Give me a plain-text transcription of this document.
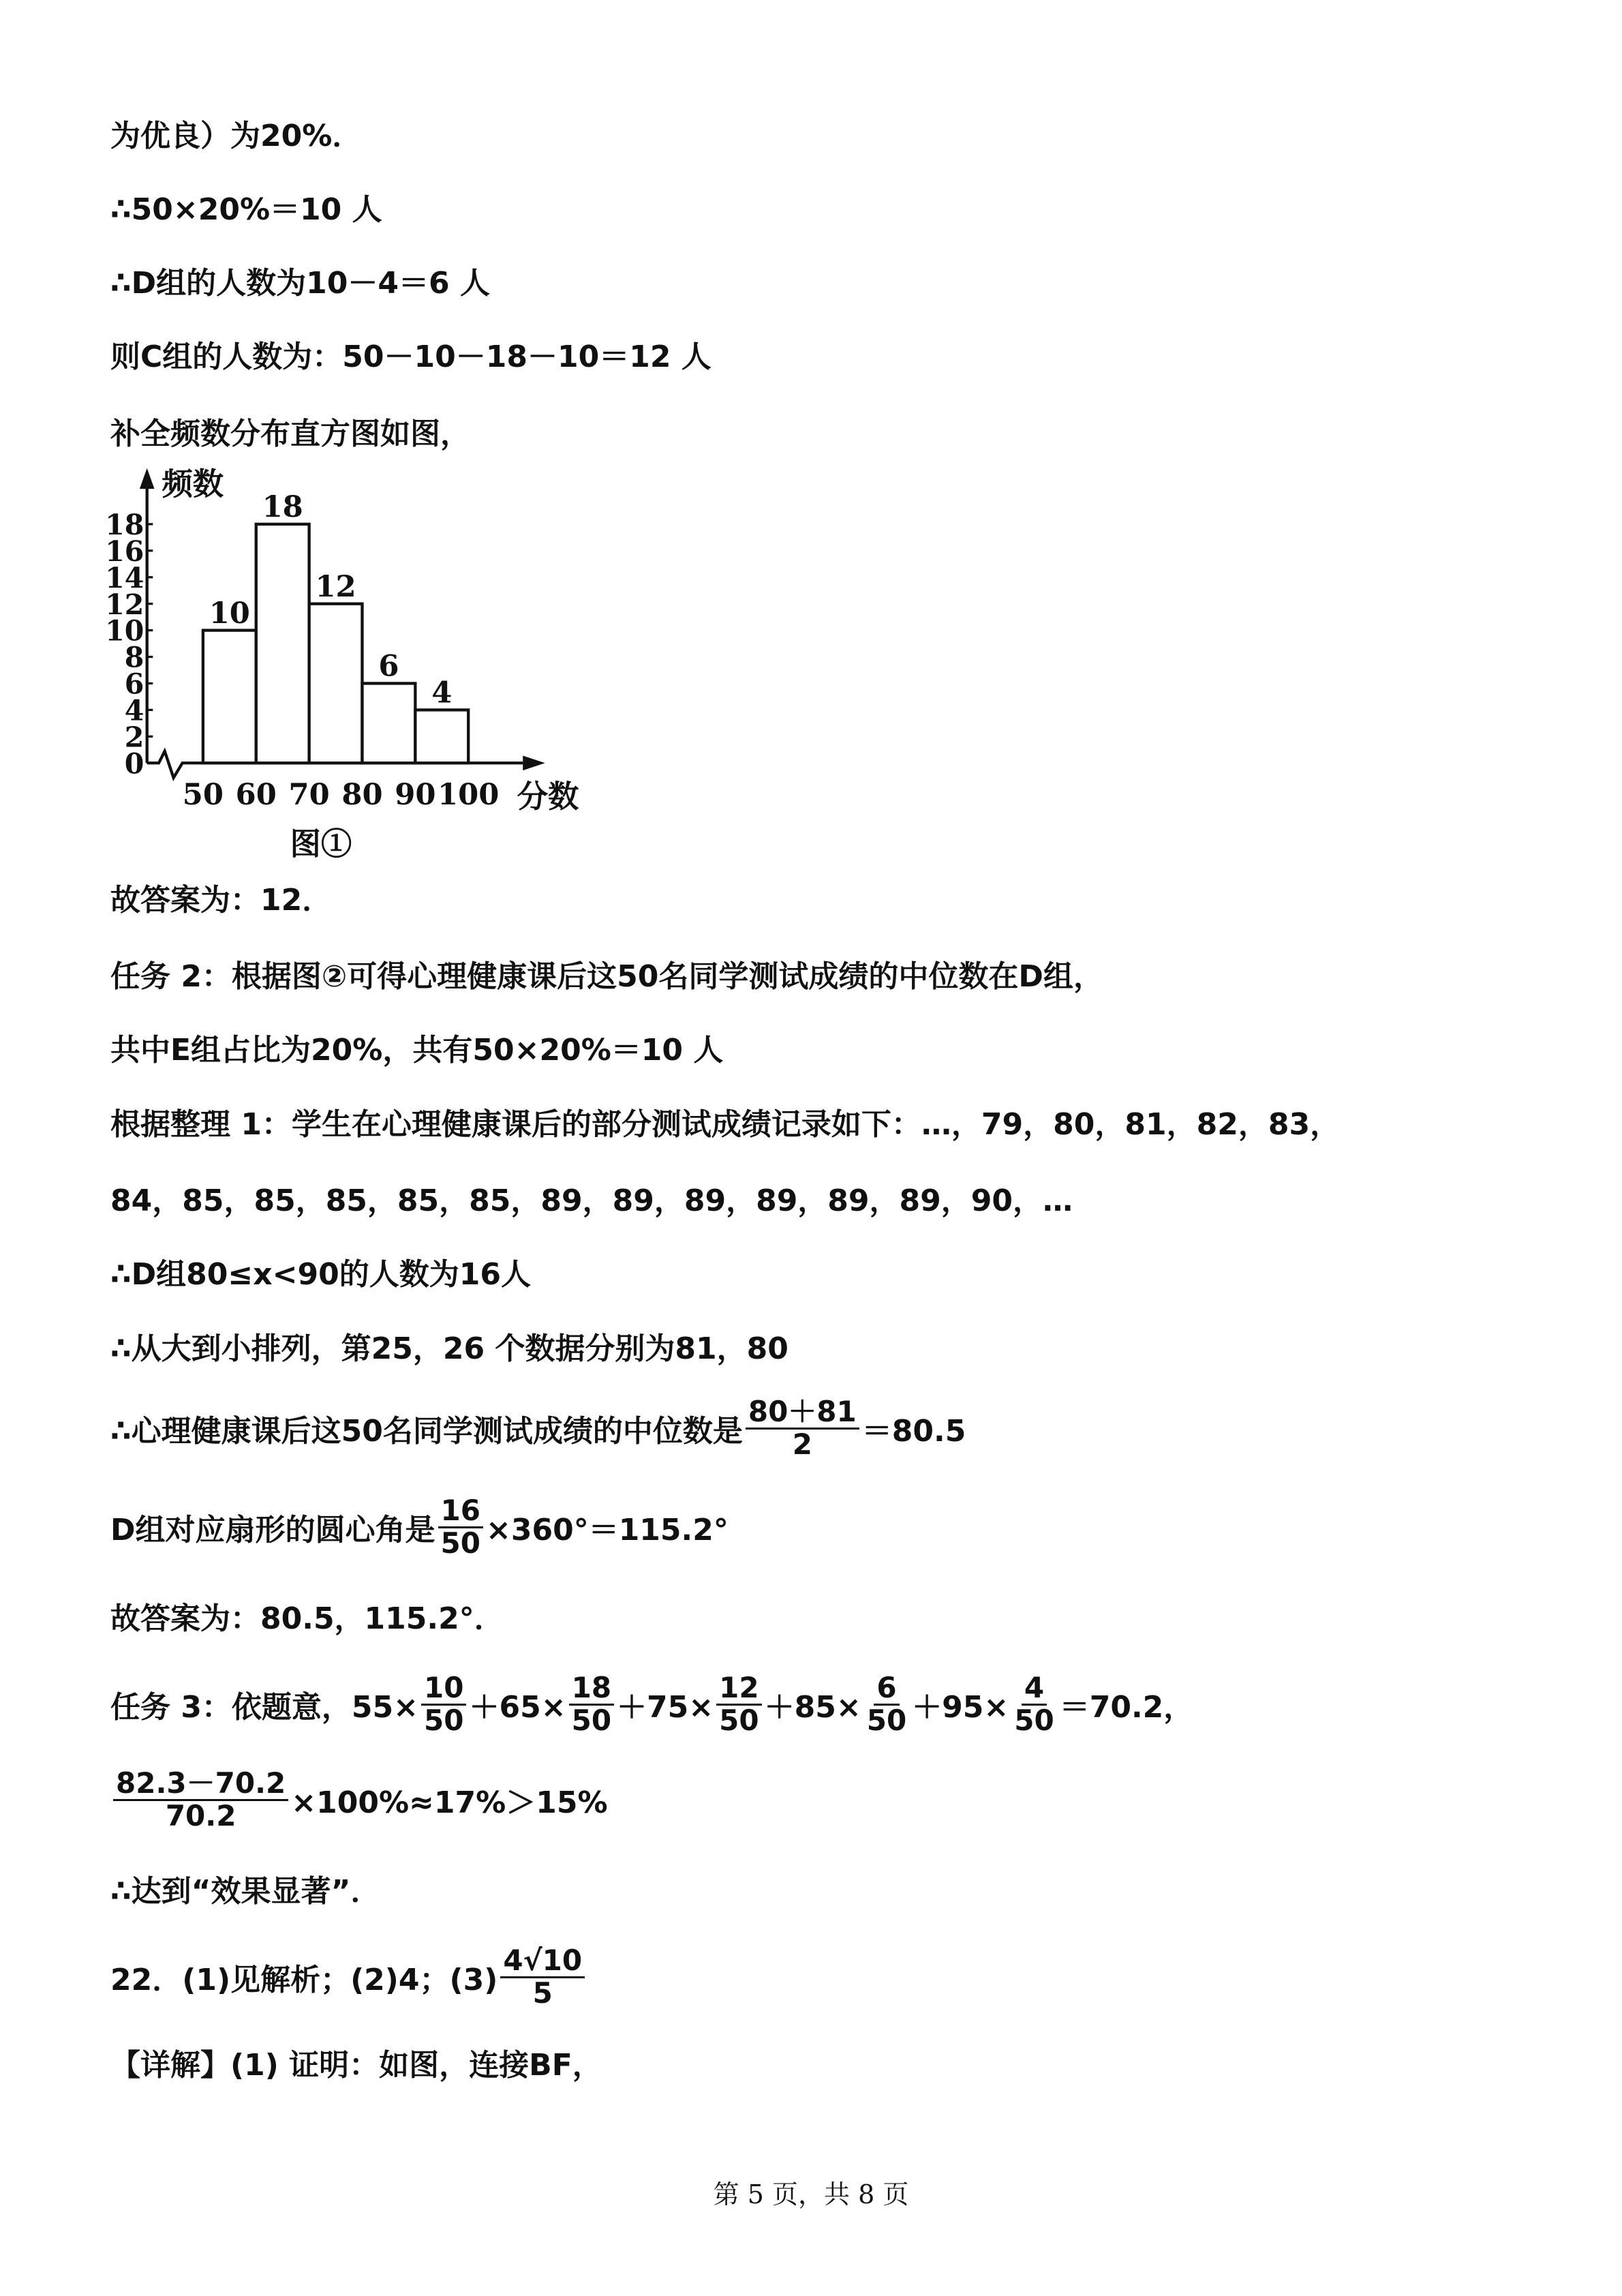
为优良）为20%．
∴50×20%＝10 人
∴D组的人数为10－4＝6 人
则C组的人数为：50－10－18－10＝12 人
补全频数分布直方图如图，
故答案为：12．
任务 2：根据图②可得心理健康课后这50名同学测试成绩的中位数在D组，
共中E组占比为20%，共有50×20%＝10 人
根据整理 1：学生在心理健康课后的部分测试成绩记录如下：…，79，80，81，82，83，
84，85，85，85，85，85，89，89，89，89，89，89，90，…
∴D组80≤x<90的人数为16人
∴从大到小排列，第25，26 个数据分别为81，80
∴心理健康课后这50名同学测试成绩的中位数是 $\frac{80+81}{2} =80.5$
D组对应扇形的圆心角是 $\frac{16}{50} \times 360^\circ=115.2^\circ$
故答案为：80.5，115.2°．
任务 3：依题意，$55\times \frac{10}{50} +65\times \frac{18}{50} +75\times \frac{12}{50} +85\times \frac{6}{50} +95\times \frac{4}{50} =70.2$，
$\frac{82.3-70.2}{70.2} \times 100\%\approx 17\%>15\%$
∴达到“效果显著”．
22．(1)见解析；(2)4；$(3) \frac{4√10}{5}$
【详解】(1) 证明：如图，连接BF，
0
2
4
6
8
10
12
14
16
18
10
18
12
6
4
50 60 70 80 90 100 分数
频数
图①
第 5 页，共 8 页
